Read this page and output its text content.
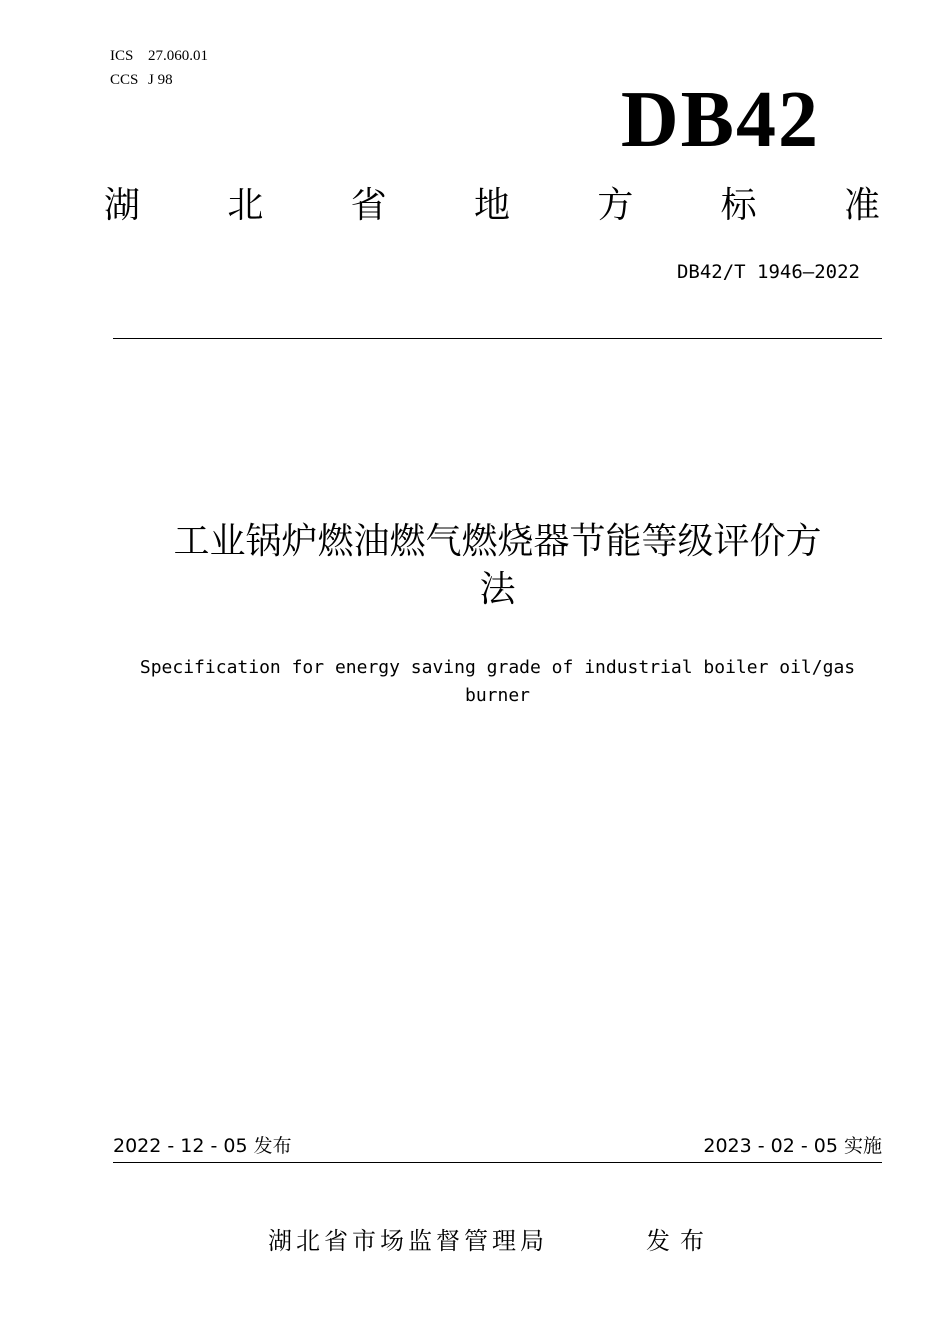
ICS 27.060.01
CCS J 98	DB42
湖 北 省 地 方 标 准
DB42/T 1946—2022
工业锅炉燃油燃气燃烧器节能等级评价方
法
Specification for energy saving grade of industrial boiler oil/gas
burner
2022 - 12 - 05 发布	2023 - 02 - 05 实施
湖北省市场监督管理局	发布
